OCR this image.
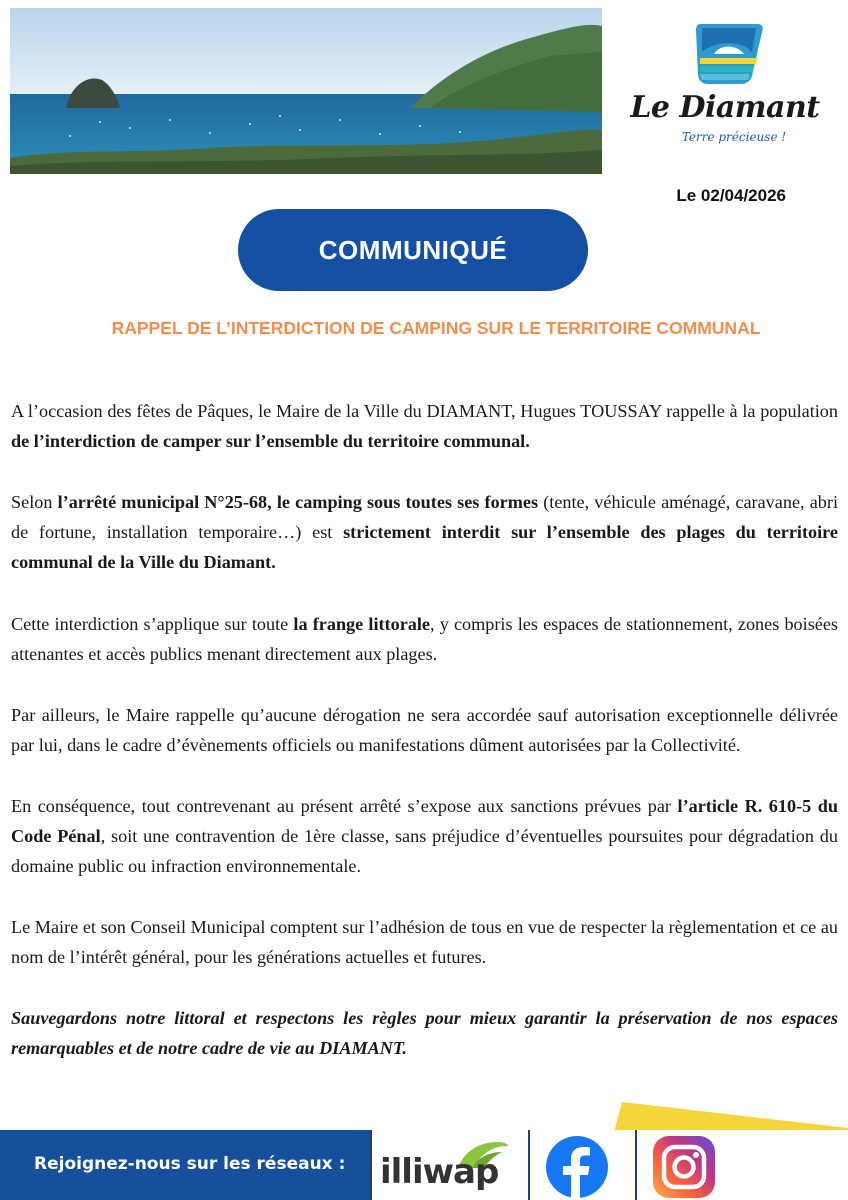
Le Diamant
Terre précieuse !
Le 02/04/2026
COMMUNIQUÉ
RAPPEL DE L’INTERDICTION DE CAMPING SUR LE TERRITOIRE COMMUNAL

A l’occasion des fêtes de Pâques, le Maire de la Ville du DIAMANT, Hugues TOUSSAY rappelle à la population de l’interdiction de camper sur l’ensemble du territoire communal.

Selon l’arrêté municipal N°25-68, le camping sous toutes ses formes (tente, véhicule aménagé, caravane, abri de fortune, installation temporaire…) est strictement interdit sur l’ensemble des plages du territoire communal de la Ville du Diamant.

Cette interdiction s’applique sur toute la frange littorale, y compris les espaces de stationnement, zones boisées attenantes et accès publics menant directement aux plages.

Par ailleurs, le Maire rappelle qu’aucune dérogation ne sera accordée sauf autorisation exceptionnelle délivrée par lui, dans le cadre d’évènements officiels ou manifestations dûment autorisées par la Collectivité.

En conséquence, tout contrevenant au présent arrêté s’expose aux sanctions prévues par l’article R. 610-5 du Code Pénal, soit une contravention de 1ère classe, sans préjudice d’éventuelles poursuites pour dégradation du domaine public ou infraction environnementale.

Le Maire et son Conseil Municipal comptent sur l’adhésion de tous en vue de respecter la règlementation et ce au nom de l’intérêt général, pour les générations actuelles et futures.

Sauvegardons notre littoral et respectons les règles pour mieux garantir la préservation de nos espaces remarquables et de notre cadre de vie au DIAMANT.

Rejoignez-nous sur les réseaux : illiwap
